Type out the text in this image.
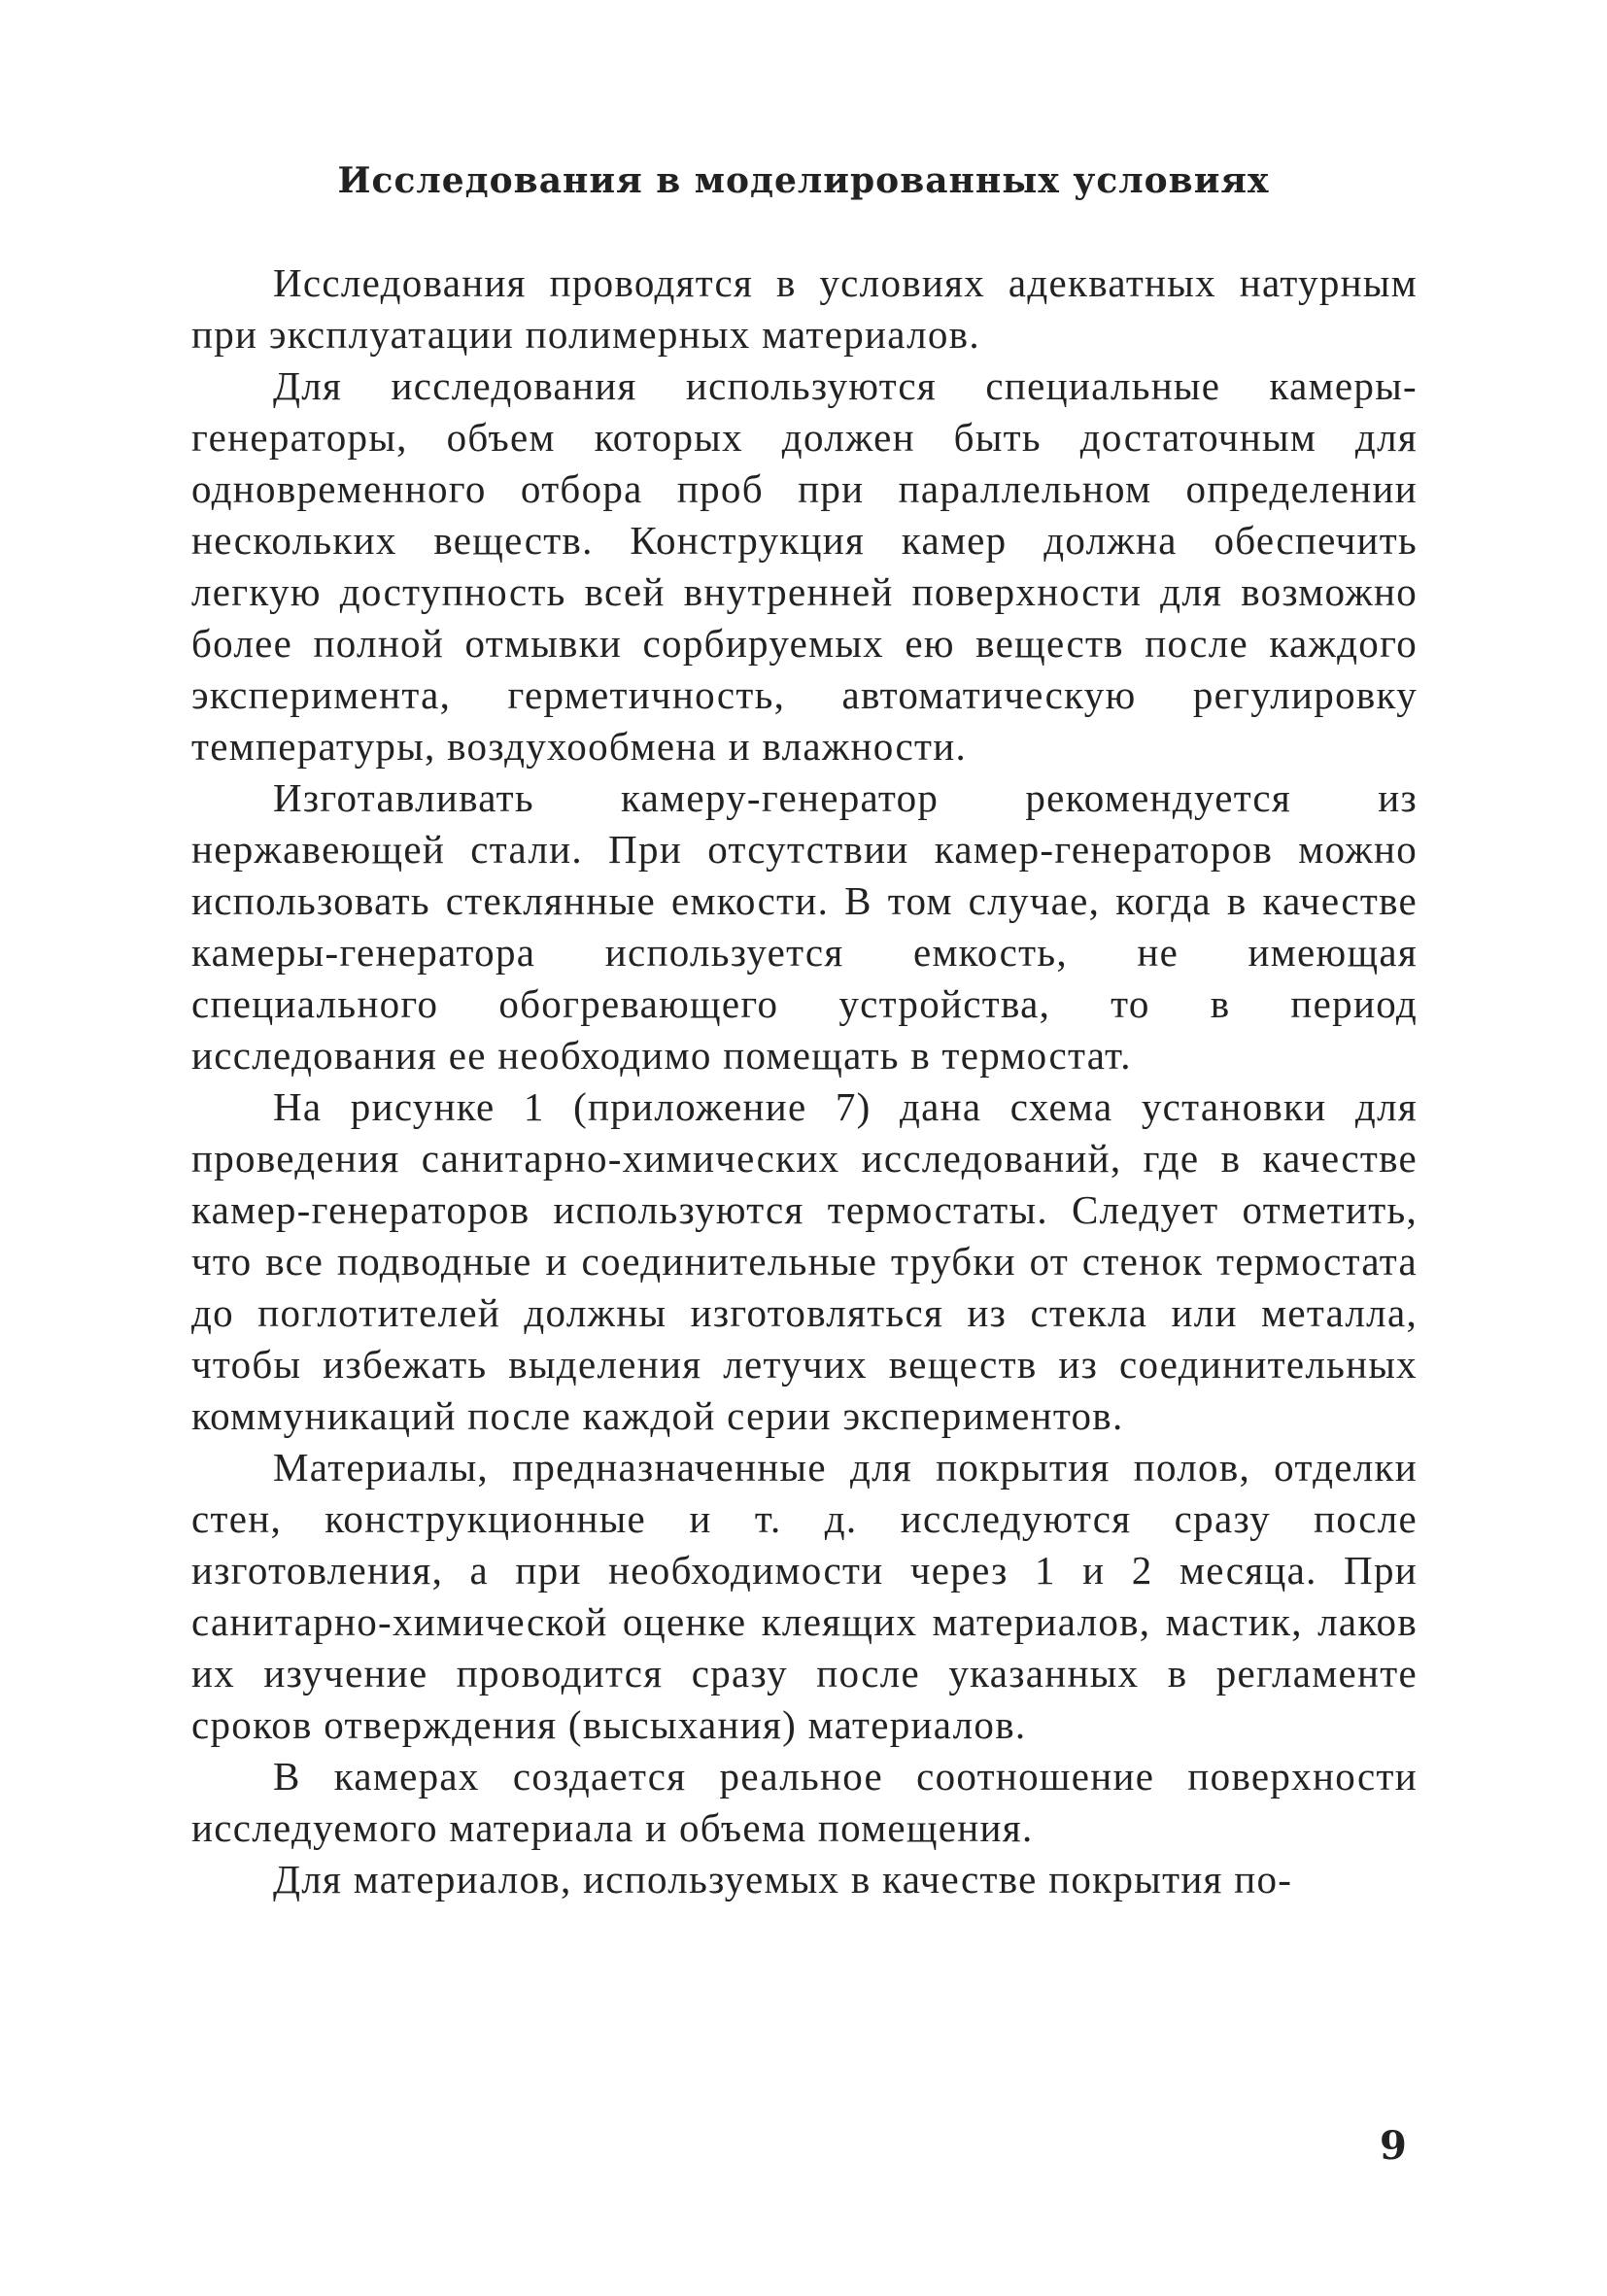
Исследования в моделированных условиях

Исследования проводятся в условиях адекватных натурным при эксплуатации полимерных материалов.

Для исследования используются специальные камеры-генераторы, объем которых должен быть достаточным для одновременного отбора проб при параллельном определении нескольких веществ. Конструкция камер должна обеспечить легкую доступность всей внутренней поверхности для возможно более полной отмывки сорбируемых ею веществ после каждого эксперимента, герметичность, автоматическую регулировку температуры, воздухообмена и влажности.

Изготавливать камеру-генератор рекомендуется из нержавеющей стали. При отсутствии камер-генераторов можно использовать стеклянные емкости. В том случае, когда в качестве камеры-генератора используется емкость, не имеющая специального обогревающего устройства, то в период исследования ее необходимо помещать в термостат.

На рисунке 1 (приложение 7) дана схема установки для проведения санитарно-химических исследований, где в качестве камер-генераторов используются термостаты. Следует отметить, что все подводные и соединительные трубки от стенок термостата до поглотителей должны изготовляться из стекла или металла, чтобы избежать выделения летучих веществ из соединительных коммуникаций после каждой серии экспериментов.

Материалы, предназначенные для покрытия полов, отделки стен, конструкционные и т. д. исследуются сразу после изготовления, а при необходимости через 1 и 2 месяца. При санитарно-химической оценке клеящих материалов, мастик, лаков их изучение проводится сразу после указанных в регламенте сроков отверждения (высыхания) материалов.

В камерах создается реальное соотношение поверхности исследуемого материала и объема помещения.

Для материалов, используемых в качестве покрытия по-

9
